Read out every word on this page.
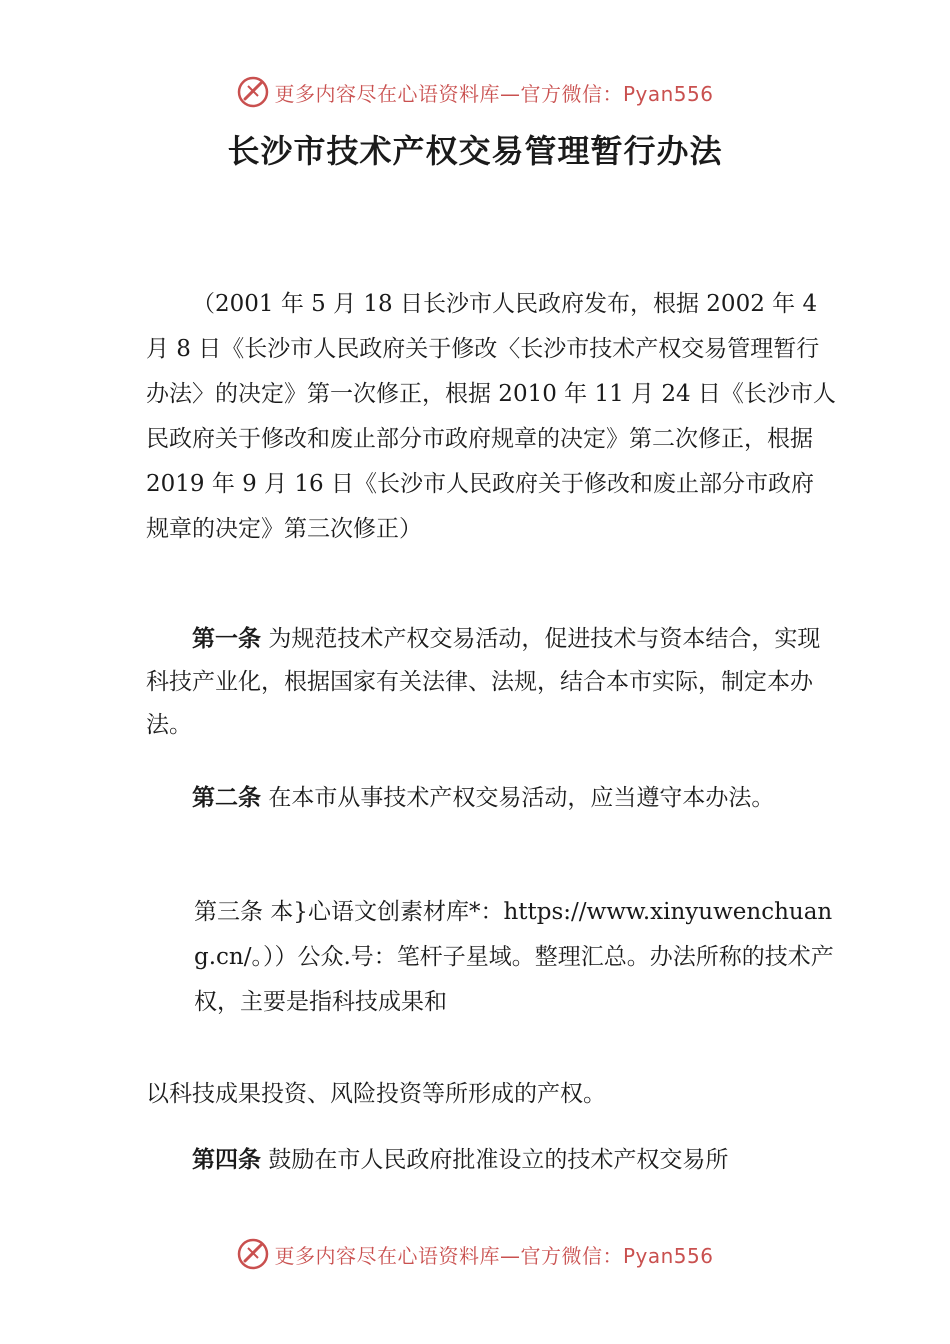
更多内容尽在心语资料库—官方微信：Pyan556
长沙市技术产权交易管理暂行办法

（2001 年 5 月 18 日长沙市人民政府发布，根据 2002 年 4 月 8 日《长沙市人民政府关于修改〈长沙市技术产权交易管理暂行办法〉的决定》第一次修正，根据 2010 年 11 月 24 日《长沙市人民政府关于修改和废止部分市政府规章的决定》第二次修正，根据 2019 年 9 月 16 日《长沙市人民政府关于修改和废止部分市政府规章的决定》第三次修正）

第一条 为规范技术产权交易活动，促进技术与资本结合，实现科技产业化，根据国家有关法律、法规，结合本市实际，制定本办法。

第二条 在本市从事技术产权交易活动，应当遵守本办法。

第三条 本}心语文创素材库*：https://www.xinyuwenchuang.cn/。））公众.号：笔杆子星域。整理汇总。办法所称的技术产权，主要是指科技成果和

以科技成果投资、风险投资等所形成的产权。

第四条 鼓励在市人民政府批准设立的技术产权交易所

更多内容尽在心语资料库—官方微信：Pyan556
